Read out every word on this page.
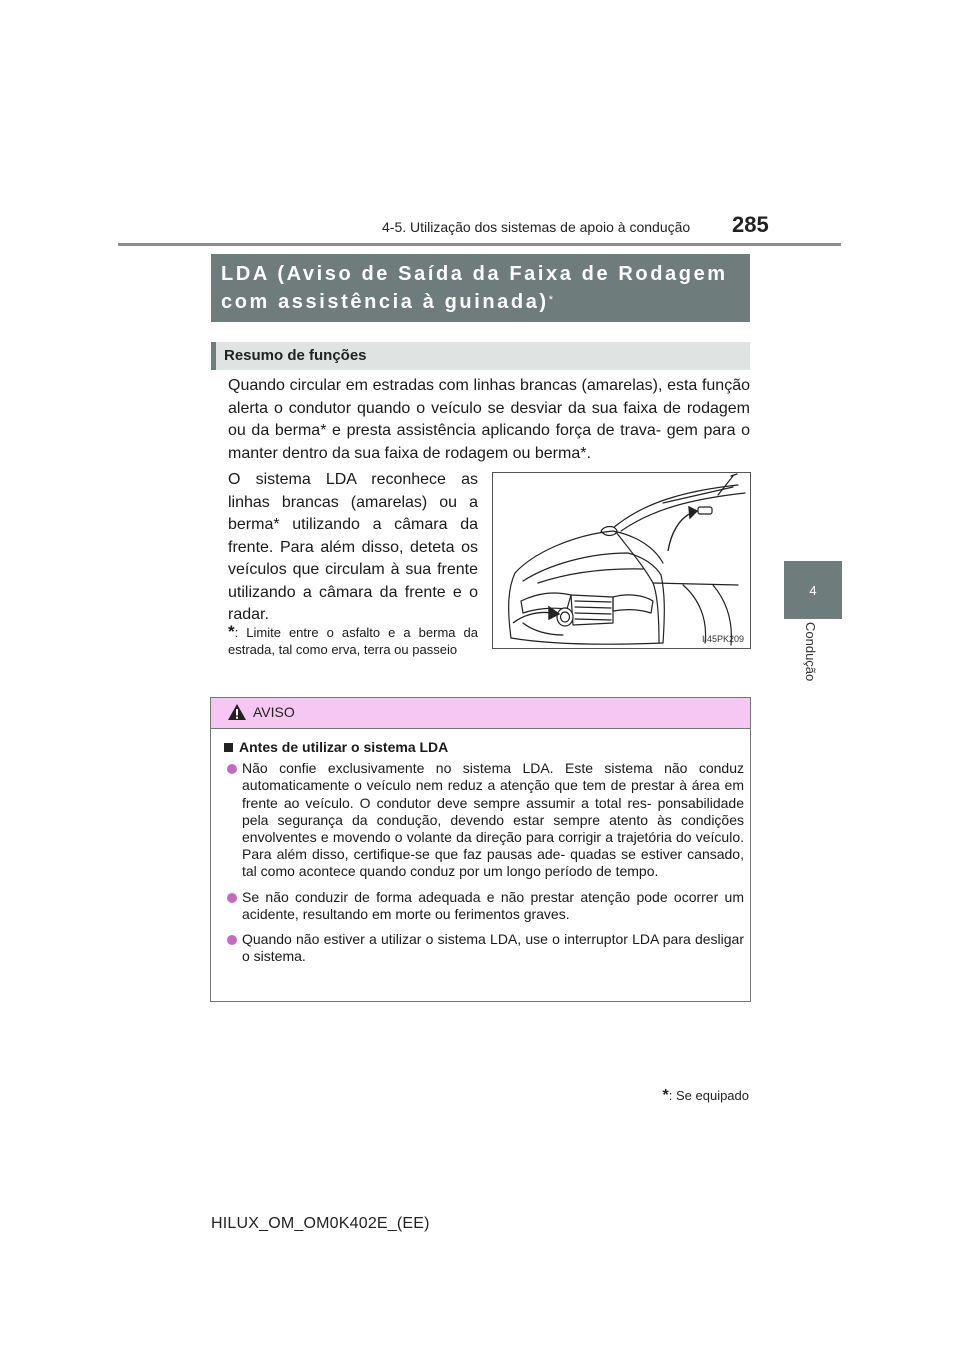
4-5. Utilização dos sistemas de apoio à condução 285
4
Condução
LDA (Aviso de Saída da Faixa de Rodagem com assistência à guinada)*
Resumo de funções
Quando circular em estradas com linhas brancas (amarelas), esta função alerta o condutor quando o veículo se desviar da sua faixa de rodagem ou da berma* e presta assistência aplicando força de trava- gem para o manter dentro da sua faixa de rodagem ou berma*.
O sistema LDA reconhece as linhas brancas (amarelas) ou a berma* utilizando a câmara da frente. Para além disso, deteta os veículos que circulam à sua frente utilizando a câmara da frente e o radar.
*: Limite entre o asfalto e a berma da estrada, tal como erva, terra ou passeio
II45PK209
AVISO
Antes de utilizar o sistema LDA
Não confie exclusivamente no sistema LDA. Este sistema não conduz automaticamente o veículo nem reduz a atenção que tem de prestar à área em frente ao veículo. O condutor deve sempre assumir a total res- ponsabilidade pela segurança da condução, devendo estar sempre atento às condições envolventes e movendo o volante da direção para corrigir a trajetória do veículo. Para além disso, certifique-se que faz pausas ade- quadas se estiver cansado, tal como acontece quando conduz por um longo período de tempo.
Se não conduzir de forma adequada e não prestar atenção pode ocorrer um acidente, resultando em morte ou ferimentos graves.
Quando não estiver a utilizar o sistema LDA, use o interruptor LDA para desligar o sistema.
*: Se equipado
HILUX_OM_OM0K402E_(EE)
